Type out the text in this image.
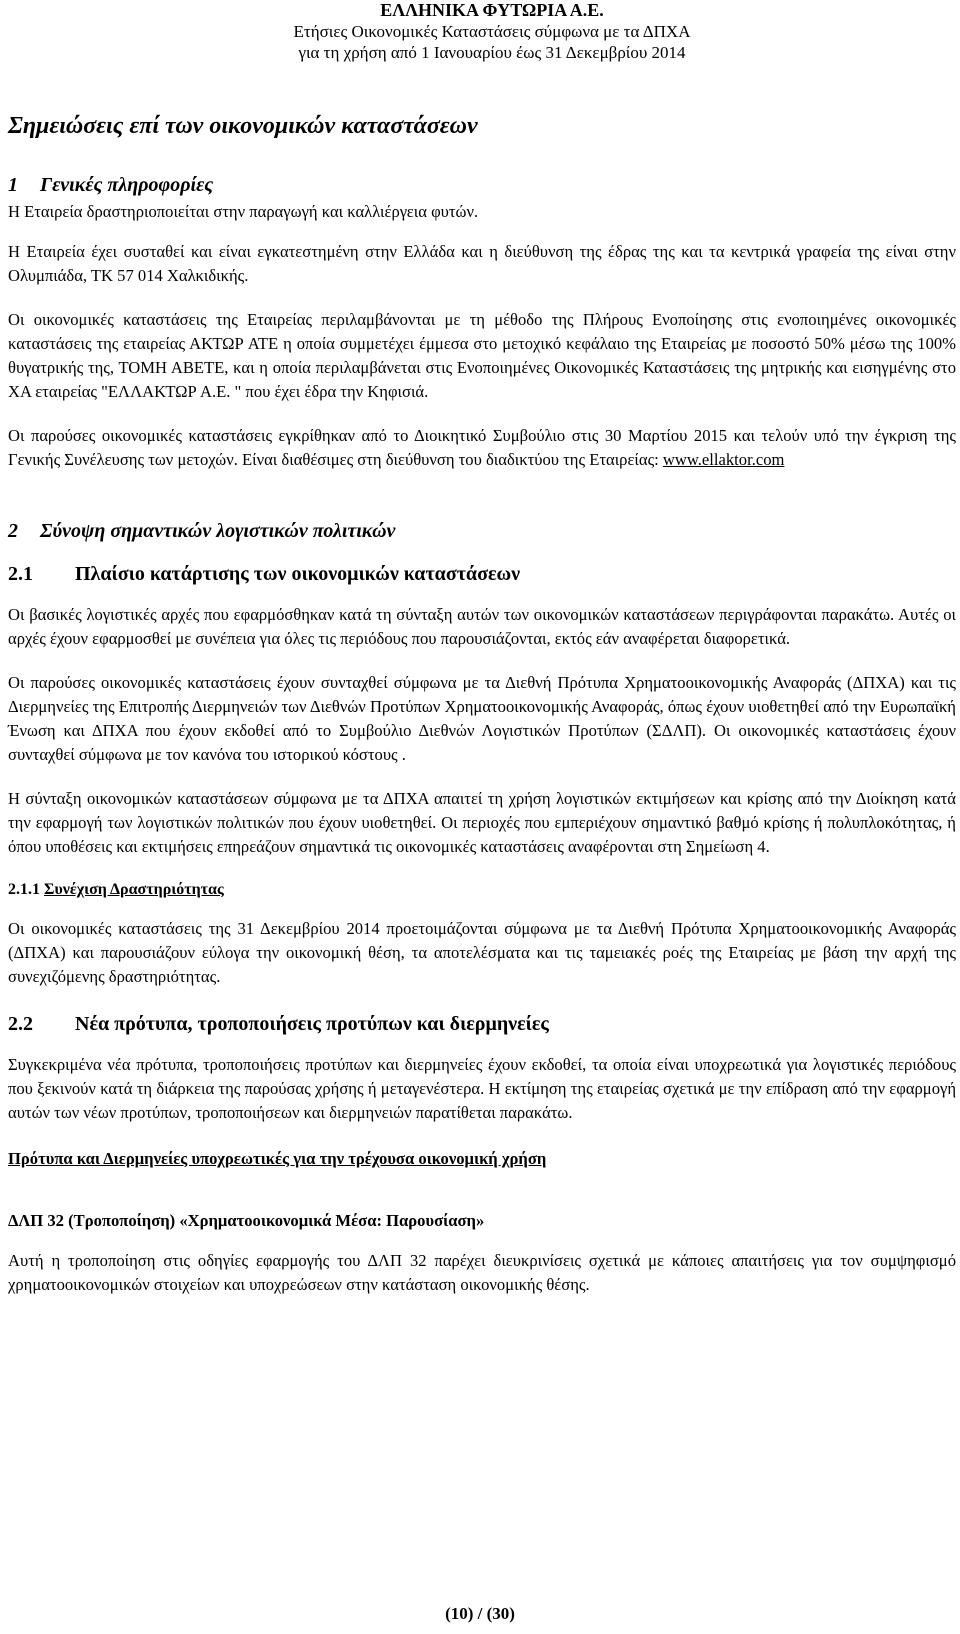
ΕΛΛΗΝΙΚΑ ΦΥΤΩΡΙΑ Α.Ε.
Ετήσιες Οικονομικές Καταστάσεις σύμφωνα με τα ΔΠΧΑ
για τη χρήση από 1 Ιανουαρίου έως 31 Δεκεμβρίου 2014
Σημειώσεις επί των οικονομικών καταστάσεων
1	Γενικές πληροφορίες

Η Εταιρεία δραστηριοποιείται στην παραγωγή και καλλιέργεια φυτών.

Η Εταιρεία έχει συσταθεί και είναι εγκατεστημένη στην Ελλάδα και η διεύθυνση της έδρας της και τα κεντρικά γραφεία της είναι στην Ολυμπιάδα, ΤΚ 57 014 Χαλκιδικής.

Οι οικονομικές καταστάσεις της Εταιρείας περιλαμβάνονται με τη μέθοδο της Πλήρους Ενοποίησης στις ενοποιημένες οικονομικές καταστάσεις της εταιρείας ΑΚΤΩΡ ΑΤΕ η οποία συμμετέχει έμμεσα στο μετοχικό κεφάλαιο της Εταιρείας με ποσοστό 50% μέσω της 100% θυγατρικής της, ΤΟΜΗ ΑΒΕΤΕ, και η οποία περιλαμβάνεται στις Ενοποιημένες Οικονομικές Καταστάσεις της μητρικής και εισηγμένης στο ΧΑ εταιρείας "ΕΛΛΑΚΤΩΡ Α.Ε. " που έχει έδρα την Κηφισιά.

Οι παρούσες οικονομικές καταστάσεις εγκρίθηκαν από το Διοικητικό Συμβούλιο στις 30 Μαρτίου 2015 και τελούν υπό την έγκριση της Γενικής Συνέλευσης των μετοχών. Είναι διαθέσιμες στη διεύθυνση του διαδικτύου της Εταιρείας: www.ellaktor.com

2	Σύνοψη σημαντικών λογιστικών πολιτικών
2.1	Πλαίσιο κατάρτισης των οικονομικών καταστάσεων

Οι βασικές λογιστικές αρχές που εφαρμόσθηκαν κατά τη σύνταξη αυτών των οικονομικών καταστάσεων περιγράφονται παρακάτω. Αυτές οι αρχές έχουν εφαρμοσθεί με συνέπεια για όλες τις περιόδους που παρουσιάζονται, εκτός εάν αναφέρεται διαφορετικά.

Οι παρούσες οικονομικές καταστάσεις έχουν συνταχθεί σύμφωνα με τα Διεθνή Πρότυπα Χρηματοοικονομικής Αναφοράς (ΔΠΧΑ) και τις Διερμηνείες της Επιτροπής Διερμηνειών των Διεθνών Προτύπων Χρηματοοικονομικής Αναφοράς, όπως έχουν υιοθετηθεί από την Ευρωπαϊκή Ένωση και ΔΠΧΑ που έχουν εκδοθεί από το Συμβούλιο Διεθνών Λογιστικών Προτύπων (ΣΔΛΠ). Οι οικονομικές καταστάσεις έχουν συνταχθεί σύμφωνα με τον κανόνα του ιστορικού κόστους .

Η σύνταξη οικονομικών καταστάσεων σύμφωνα με τα ΔΠΧΑ απαιτεί τη χρήση λογιστικών εκτιμήσεων και κρίσης από την Διοίκηση κατά την εφαρμογή των λογιστικών πολιτικών που έχουν υιοθετηθεί. Οι περιοχές που εμπεριέχουν σημαντικό βαθμό κρίσης ή πολυπλοκότητας, ή όπου υποθέσεις και εκτιμήσεις επηρεάζουν σημαντικά τις οικονομικές καταστάσεις αναφέρονται στη Σημείωση 4.

2.1.1 Συνέχιση Δραστηριότητας

Οι οικονομικές καταστάσεις της 31 Δεκεμβρίου 2014 προετοιμάζονται σύμφωνα με τα Διεθνή Πρότυπα Χρηματοοικονομικής Αναφοράς (ΔΠΧΑ) και παρουσιάζουν εύλογα την οικονομική θέση, τα αποτελέσματα και τις ταμειακές ροές της Εταιρείας με βάση την αρχή της συνεχιζόμενης δραστηριότητας.

2.2	Νέα πρότυπα, τροποποιήσεις προτύπων και διερμηνείες

Συγκεκριμένα νέα πρότυπα, τροποποιήσεις προτύπων και διερμηνείες έχουν εκδοθεί, τα οποία είναι υποχρεωτικά για λογιστικές περιόδους που ξεκινούν κατά τη διάρκεια της παρούσας χρήσης ή μεταγενέστερα. Η εκτίμηση της εταιρείας σχετικά με την επίδραση από την εφαρμογή αυτών των νέων προτύπων, τροποποιήσεων και διερμηνειών παρατίθεται παρακάτω.

Πρότυπα και Διερμηνείες υποχρεωτικές για την τρέχουσα οικονομική χρήση
ΔΛΠ 32 (Τροποποίηση) «Χρηματοοικονομικά Μέσα: Παρουσίαση»

Αυτή η τροποποίηση στις οδηγίες εφαρμογής του ΔΛΠ 32 παρέχει διευκρινίσεις σχετικά με κάποιες απαιτήσεις για τον συμψηφισμό χρηματοοικονομικών στοιχείων και υποχρεώσεων στην κατάσταση οικονομικής θέσης.

(10) / (30)
